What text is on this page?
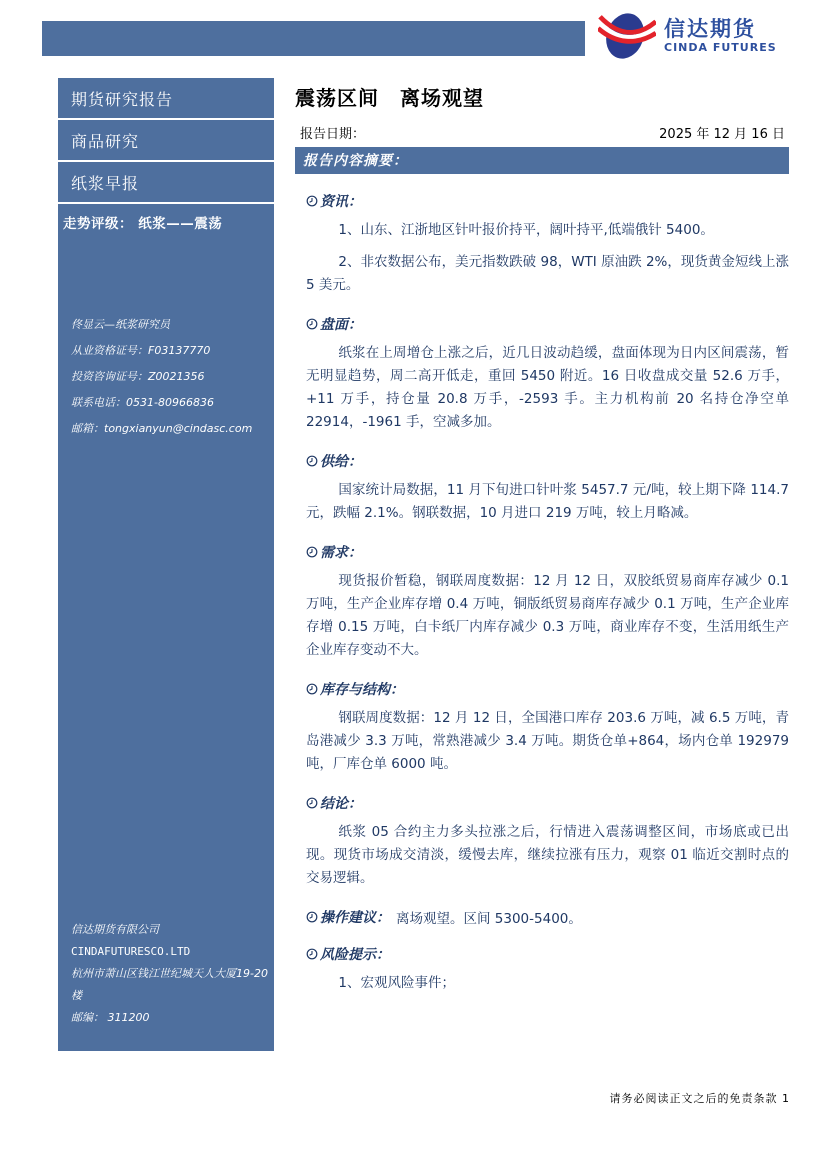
信达期货
CINDA FUTURES
期货研究报告
商品研究
纸浆早报
走势评级： 纸浆——震荡
佟显云—纸浆研究员
从业资格证号：F03137770
投资咨询证号：Z0021356
联系电话：0531-80966836
邮箱：tongxianyun@cindasc.com
信达期货有限公司
CINDAFUTURESCO.LTD
杭州市萧山区钱江世纪城天人大厦19-20楼
邮编： 311200
震荡区间　离场观望
报告日期：	2025 年 12 月 16 日
报告内容摘要：
资讯：

1、山东、江浙地区针叶报价持平，阔叶持平,低端俄针 5400。

2、非农数据公布，美元指数跌破 98，WTI 原油跌 2%，现货黄金短线上涨 5 美元。

盘面：

纸浆在上周增仓上涨之后，近几日波动趋缓，盘面体现为日内区间震荡，暂无明显趋势，周二高开低走，重回 5450 附近。16 日收盘成交量 52.6 万手，+11 万手，持仓量 20.8 万手，-2593 手。主力机构前 20 名持仓净空单 22914，-1961 手，空减多加。

供给：

国家统计局数据，11 月下旬进口针叶浆 5457.7 元/吨，较上期下降 114.7 元，跌幅 2.1%。钢联数据，10 月进口 219 万吨，较上月略减。

需求：

现货报价暂稳，钢联周度数据：12 月 12 日，双胶纸贸易商库存减少 0.1 万吨，生产企业库存增 0.4 万吨，铜版纸贸易商库存减少 0.1 万吨，生产企业库存增 0.15 万吨，白卡纸厂内库存减少 0.3 万吨，商业库存不变，生活用纸生产企业库存变动不大。

库存与结构：

钢联周度数据：12 月 12 日，全国港口库存 203.6 万吨，减 6.5 万吨，青岛港减少 3.3 万吨，常熟港减少 3.4 万吨。期货仓单+864，场内仓单 192979 吨，厂库仓单 6000 吨。

结论：

纸浆 05 合约主力多头拉涨之后，行情进入震荡调整区间，市场底或已出现。现货市场成交清淡，缓慢去库，继续拉涨有压力，观察 01 临近交割时点的交易逻辑。

操作建议： 离场观望。区间 5300-5400。
风险提示：

1、宏观风险事件；

请务必阅读正文之后的免责条款 1
